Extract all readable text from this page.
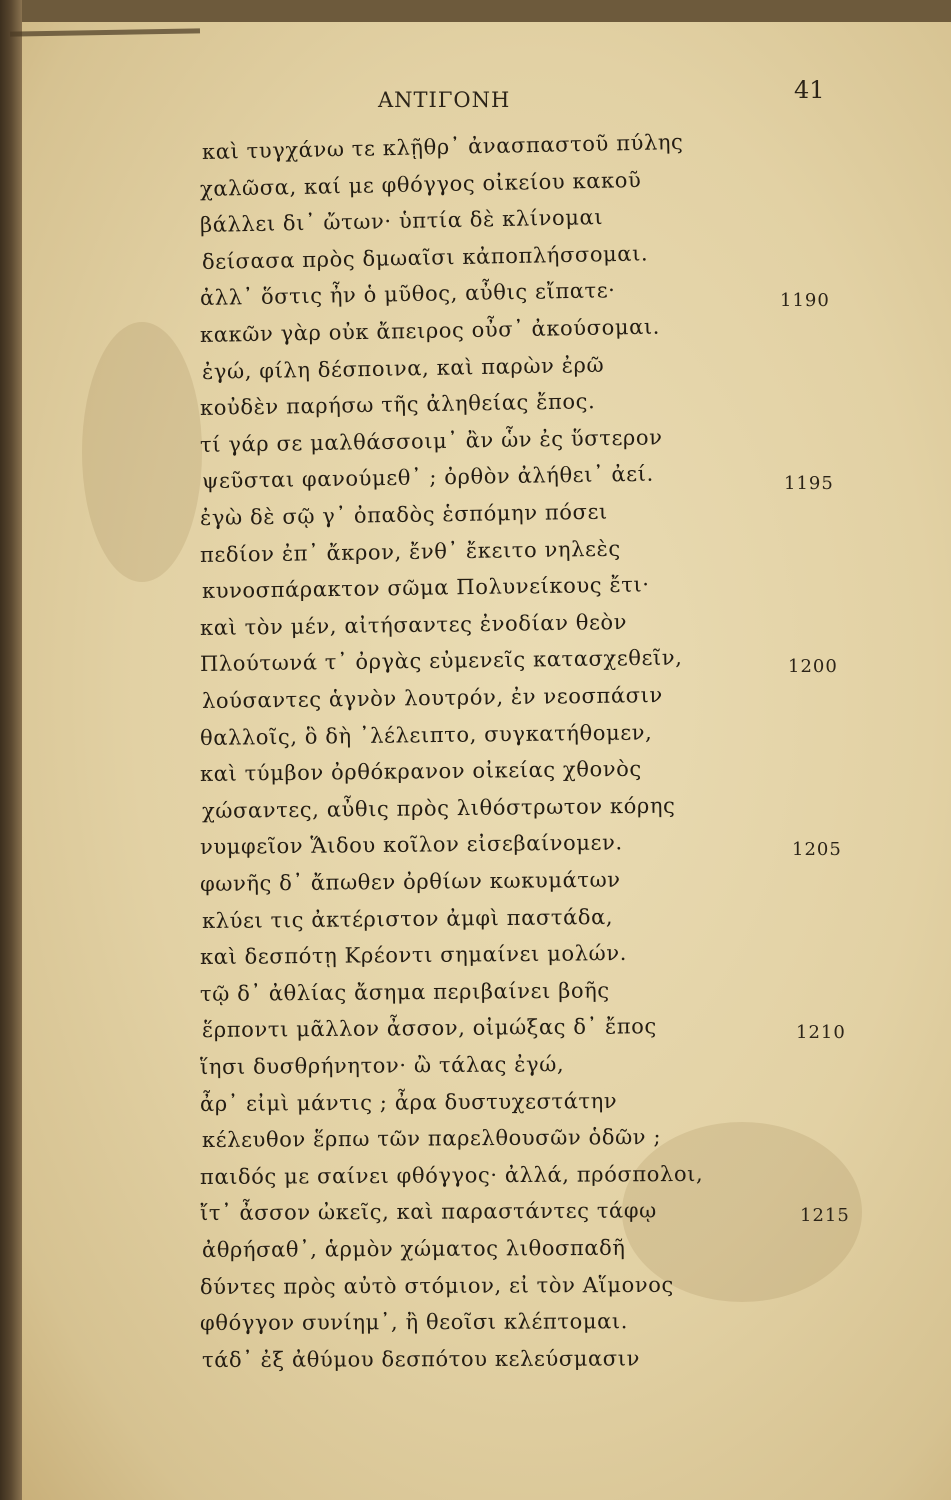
ΑΝΤΙΓΟΝΗ	41
καὶ τυγχάνω τε κλῇθρ᾽ ἀνασπαστοῦ πύλης
χαλῶσα, καί με φθόγγος οἰκείου κακοῦ
βάλλει δι᾽ ὤτων· ὑπτία δὲ κλίνομαι
δείσασα πρὸς δμωαῖσι κἀποπλήσσομαι.
ἀλλ᾽ ὅστις ἦν ὁ μῦθος, αὖθις εἴπατε·
κακῶν γὰρ οὐκ ἄπειρος οὖσ᾽ ἀκούσομαι.
ἐγώ, φίλη δέσποινα, καὶ παρὼν ἐρῶ
κοὐδὲν παρήσω τῆς ἀληθείας ἔπος.
τί γάρ σε μαλθάσσοιμ᾽ ἂν ὧν ἐς ὕστερον
ψεῦσται φανούμεθ᾽ ; ὀρθὸν ἀλήθει᾽ ἀεί.
ἐγὼ δὲ σῷ γ᾽ ὀπαδὸς ἑσπόμην πόσει
πεδίον ἐπ᾽ ἄκρον, ἔνθ᾽ ἔκειτο νηλεὲς
κυνοσπάρακτον σῶμα Πολυνείκους ἔτι·
καὶ τὸν μέν, αἰτήσαντες ἐνοδίαν θεὸν
Πλούτωνά τ᾽ ὀργὰς εὐμενεῖς κατασχεθεῖν,
λούσαντες ἁγνὸν λουτρόν, ἐν νεοσπάσιν
θαλλοῖς, ὃ δὴ ᾽λέλειπτο, συγκατήθομεν,
καὶ τύμβον ὀρθόκρανον οἰκείας χθονὸς
χώσαντες, αὖθις πρὸς λιθόστρωτον κόρης
νυμφεῖον Ἅιδου κοῖλον εἰσεβαίνομεν.
φωνῆς δ᾽ ἄπωθεν ὀρθίων κωκυμάτων
κλύει τις ἀκτέριστον ἀμφὶ παστάδα,
καὶ δεσπότῃ Κρέοντι σημαίνει μολών.
τῷ δ᾽ ἀθλίας ἄσημα περιβαίνει βοῆς
ἕρποντι μᾶλλον ἆσσον, οἰμώξας δ᾽ ἔπος
ἵησι δυσθρήνητον· ὢ τάλας ἐγώ,
ἆρ᾽ εἰμὶ μάντις ; ἆρα δυστυχεστάτην
κέλευθον ἕρπω τῶν παρελθουσῶν ὁδῶν ;
παιδός με σαίνει φθόγγος· ἀλλά, πρόσπολοι,
ἴτ᾽ ἆσσον ὠκεῖς, καὶ παραστάντες τάφῳ
ἀθρήσαθ᾽, ἁρμὸν χώματος λιθοσπαδῆ
δύντες πρὸς αὐτὸ στόμιον, εἰ τὸν Αἵμονος
φθόγγον συνίημ᾽, ἢ θεοῖσι κλέπτομαι.
τάδ᾽ ἐξ ἀθύμου δεσπότου κελεύσμασιν
1190
1195
1200
1205
1210
1215
